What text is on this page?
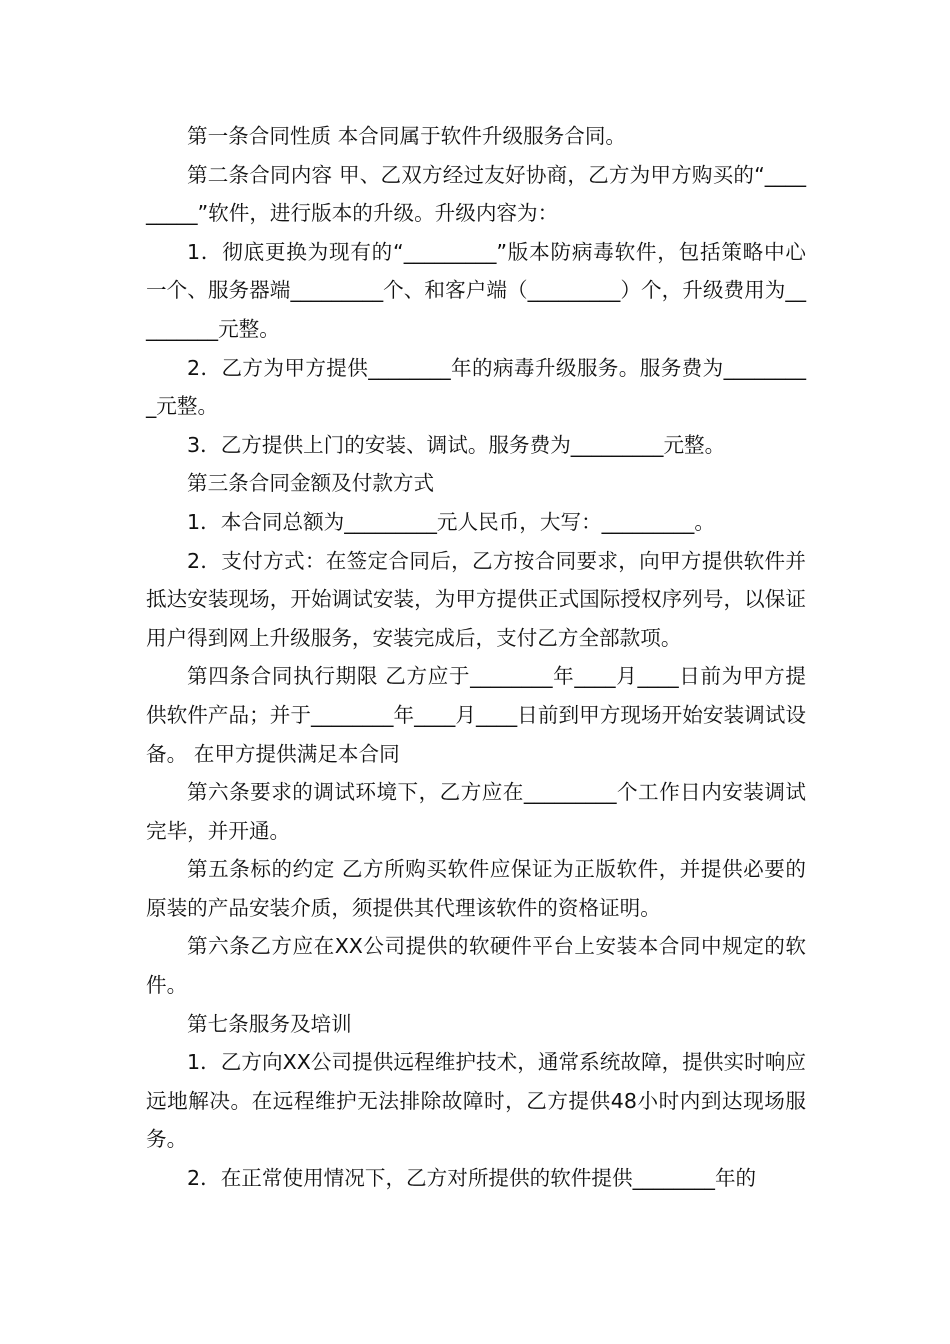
第一条合同性质 本合同属于软件升级服务合同。

第二条合同内容 甲、乙双方经过友好协商，乙方为甲方购买的“_________”软件，进行版本的升级。升级内容为：

1．彻底更换为现有的“_________”版本防病毒软件，包括策略中心一个、服务器端_________个、和客户端（_________）个，升级费用为_________元整。

2．乙方为甲方提供________年的病毒升级服务。服务费为_________元整。

3．乙方提供上门的安装、调试。服务费为_________元整。

第三条合同金额及付款方式

1．本合同总额为_________元人民币，大写：_________。

2．支付方式：在签定合同后，乙方按合同要求，向甲方提供软件并抵达安装现场，开始调试安装，为甲方提供正式国际授权序列号，以保证用户得到网上升级服务，安装完成后，支付乙方全部款项。

第四条合同执行期限 乙方应于________年____月____日前为甲方提供软件产品；并于________年____月____日前到甲方现场开始安装调试设备。 在甲方提供满足本合同

第六条要求的调试环境下，乙方应在_________个工作日内安装调试完毕，并开通。

第五条标的约定 乙方所购买软件应保证为正版软件，并提供必要的原装的产品安装介质，须提供其代理该软件的资格证明。

第六条乙方应在XX公司提供的软硬件平台上安装本合同中规定的软件。

第七条服务及培训

1．乙方向XX公司提供远程维护技术，通常系统故障，提供实时响应远地解决。在远程维护无法排除故障时，乙方提供48小时内到达现场服务。

2．在正常使用情况下，乙方对所提供的软件提供________年的
